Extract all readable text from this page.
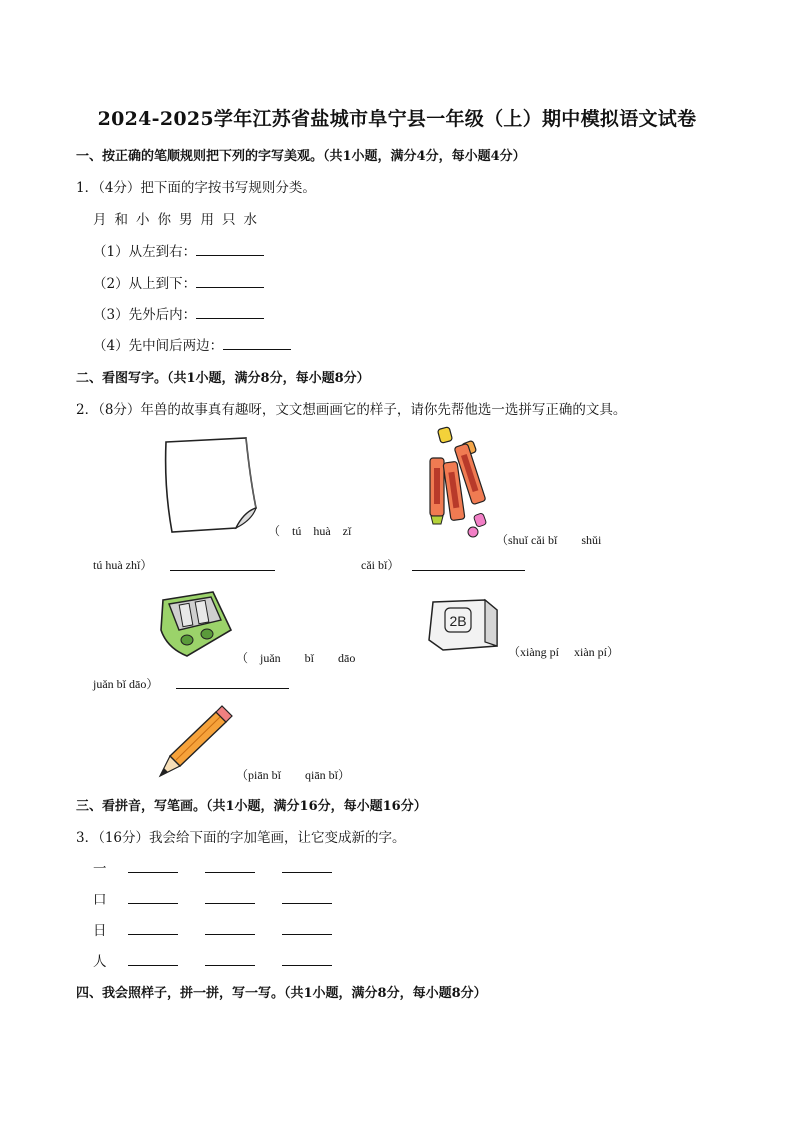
2024-2025学年江苏省盐城市阜宁县一年级（上）期中模拟语文试卷
一、按正确的笔顺规则把下列的字写美观。（共1小题，满分4分，每小题4分）
1．（4分）把下面的字按书写规则分类。
月 和 小 你 男 用 只 水
（1）从左到右：
（2）从上到下：
（3）先外后内：
（4）先中间后两边：
二、看图写字。（共1小题，满分8分，每小题8分）
2．（8分）年兽的故事真有趣呀，文文想画画它的样子，请你先帮他选一选拼写正确的文具。
（　tú　huà　zǐ
tú huà zhǐ）
（shuǐ cǎi bǐ　　shǔi
cǎi bǐ）
（　juǎn　　bǐ　　dāo
juǎn bǐ dāo）
2B
（xiàng pí　 xiàn pí）
（piān bǐ　　qiān bǐ）
三、看拼音，写笔画。（共1小题，满分16分，每小题16分）
3．（16分）我会给下面的字加笔画，让它变成新的字。
一
口
日
人
四、我会照样子，拼一拼，写一写。（共1小题，满分8分，每小题8分）
